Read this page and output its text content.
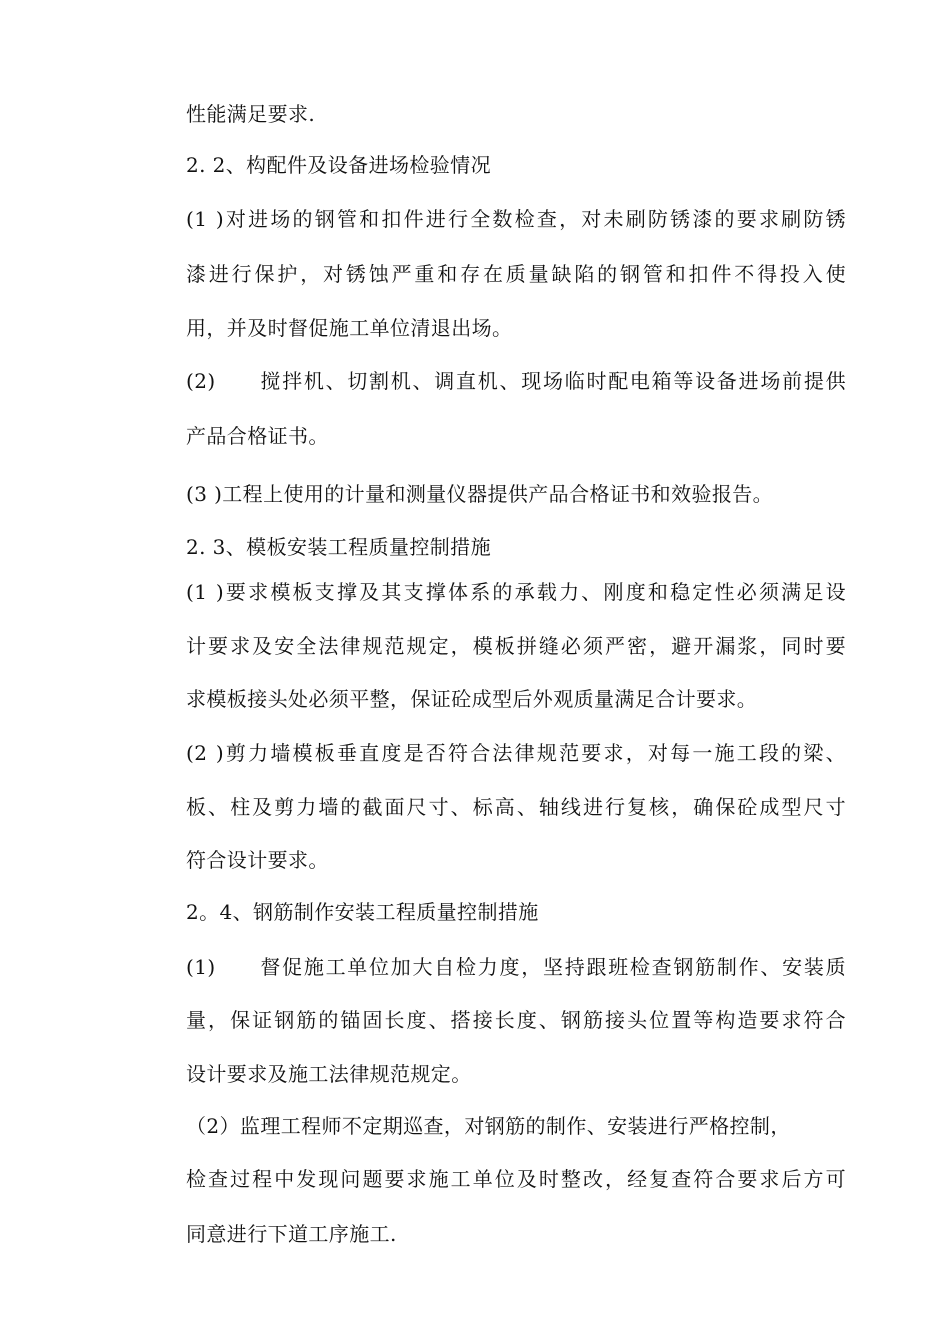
性能满足要求.
2. 2、构配件及设备进场检验情况
(1 )对进场的钢管和扣件进行全数检查，对未刷防锈漆的要求刷防锈
漆进行保护，对锈蚀严重和存在质量缺陷的钢管和扣件不得投入使
用，并及时督促施工单位清退出场。
(2)　　搅拌机、切割机、调直机、现场临时配电箱等设备进场前提供
产品合格证书。
(3 )工程上使用的计量和测量仪器提供产品合格证书和效验报告。
2. 3、模板安装工程质量控制措施
(1 )要求模板支撑及其支撑体系的承载力、刚度和稳定性必须满足设
计要求及安全法律规范规定，模板拼缝必须严密，避开漏浆，同时要
求模板接头处必须平整，保证砼成型后外观质量满足合计要求。
(2 )剪力墙模板垂直度是否符合法律规范要求，对每一施工段的梁、
板、柱及剪力墙的截面尺寸、标高、轴线进行复核，确保砼成型尺寸
符合设计要求。
2。4、钢筋制作安装工程质量控制措施
(1)　　督促施工单位加大自检力度，坚持跟班检查钢筋制作、安装质
量，保证钢筋的锚固长度、搭接长度、钢筋接头位置等构造要求符合
设计要求及施工法律规范规定。
（2）监理工程师不定期巡查，对钢筋的制作、安装进行严格控制，
检查过程中发现问题要求施工单位及时整改，经复查符合要求后方可
同意进行下道工序施工.
